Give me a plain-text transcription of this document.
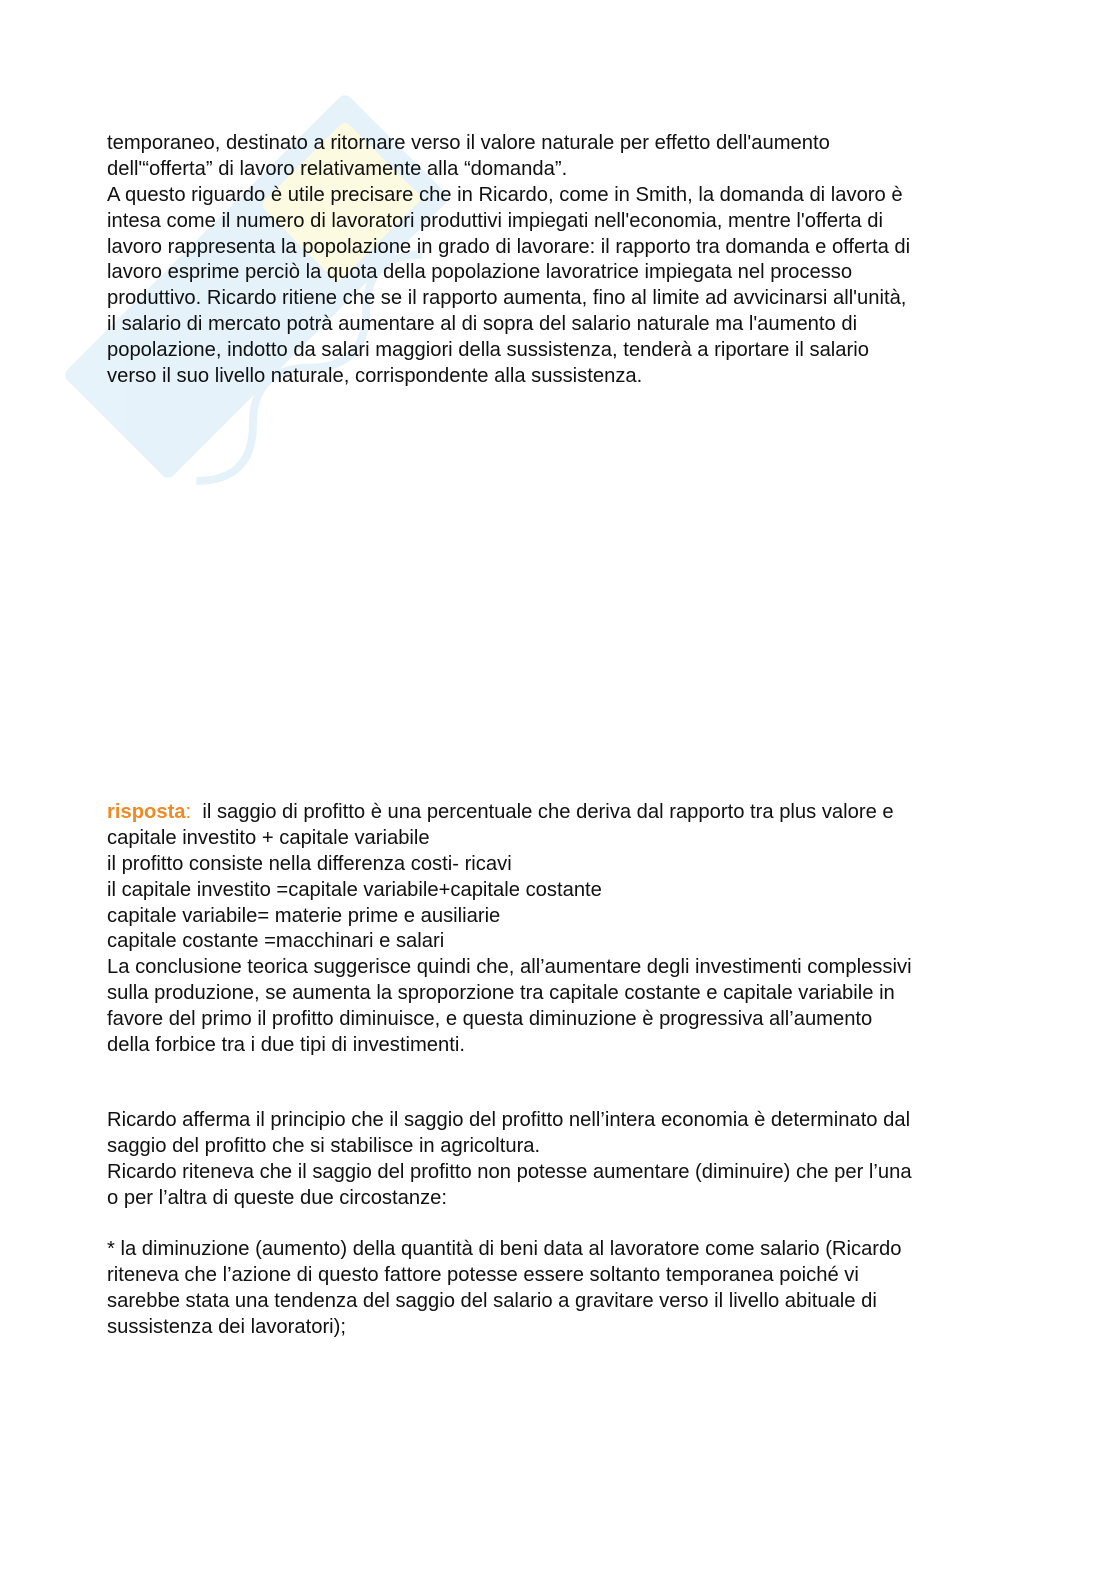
temporaneo, destinato a ritornare verso il valore naturale per effetto dell'aumento
dell'“offerta” di lavoro relativamente alla “domanda”.
A questo riguardo è utile precisare che in Ricardo, come in Smith, la domanda di lavoro è
intesa come il numero di lavoratori produttivi impiegati nell'economia, mentre l'offerta di
lavoro rappresenta la popolazione in grado di lavorare: il rapporto tra domanda e offerta di
lavoro esprime perciò la quota della popolazione lavoratrice impiegata nel processo
produttivo. Ricardo ritiene che se il rapporto aumenta, fino al limite ad avvicinarsi all'unità,
il salario di mercato potrà aumentare al di sopra del salario naturale ma l'aumento di
popolazione, indotto da salari maggiori della sussistenza, tenderà a riportare il salario
verso il suo livello naturale, corrispondente alla sussistenza.
risposta:  il saggio di profitto è una percentuale che deriva dal rapporto tra plus valore e
capitale investito + capitale variabile
il profitto consiste nella differenza costi- ricavi
il capitale investito =capitale variabile+capitale costante
capitale variabile= materie prime e ausiliarie
capitale costante =macchinari e salari
La conclusione teorica suggerisce quindi che, all’aumentare degli investimenti complessivi
sulla produzione, se aumenta la sproporzione tra capitale costante e capitale variabile in
favore del primo il profitto diminuisce, e questa diminuzione è progressiva all’aumento
della forbice tra i due tipi di investimenti.
Ricardo afferma il principio che il saggio del profitto nell’intera economia è determinato dal
saggio del profitto che si stabilisce in agricoltura.
Ricardo riteneva che il saggio del profitto non potesse aumentare (diminuire) che per l’una
o per l’altra di queste due circostanze:
* la diminuzione (aumento) della quantità di beni data al lavoratore come salario (Ricardo
riteneva che l’azione di questo fattore potesse essere soltanto temporanea poiché vi
sarebbe stata una tendenza del saggio del salario a gravitare verso il livello abituale di
sussistenza dei lavoratori);
